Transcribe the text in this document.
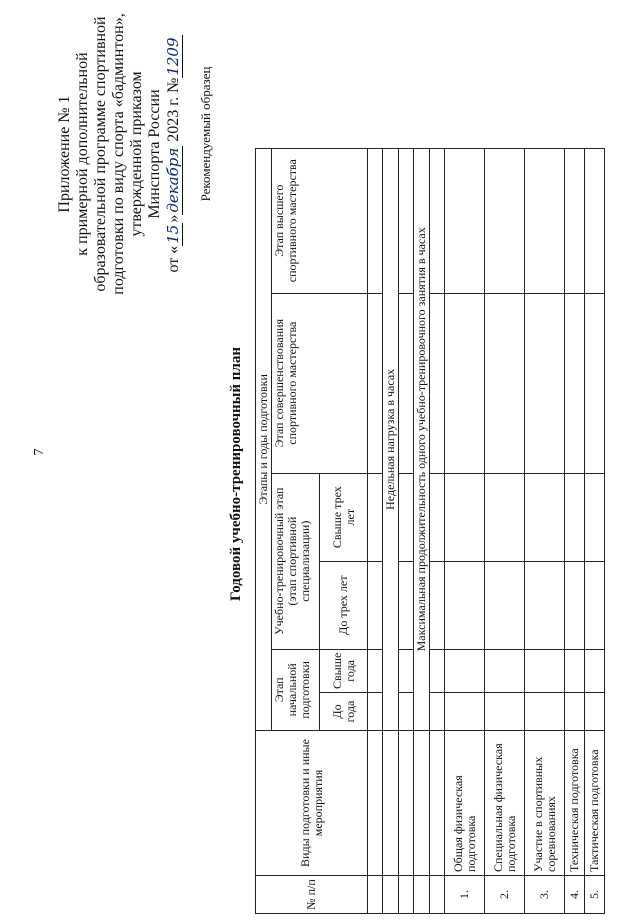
7
Приложение № 1 к примерной дополнительной образовательной программе спортивной подготовки по виду спорта «бадминтон», утвержденной приказом Минспорта России
от «15»декабря 2023 г. №1209
Рекомендуемый образец
Годовой учебно-тренировочный план
№ п/п	Виды подготовки и иные мероприятия	Этапы и годы подготовки					
		Этап начальной подготовки		Учебно-тренировочный этап (этап спортивной специализации)		Этап совершенствования спортивного мастерства	Этап высшего спортивного мастерства
		До года	Свыше года	До трех лет	Свыше трех лет		

		Недельная нагрузка в часах					

		Максимальная продолжительность одного учебно-тренировочного занятия в часах					

1.	Общая физическая подготовка						
2.	Специальная физическая подготовка						
3.	Участие в спортивных соревнованиях						
4.	Техническая подготовка						
5.	Тактическая подготовка						
